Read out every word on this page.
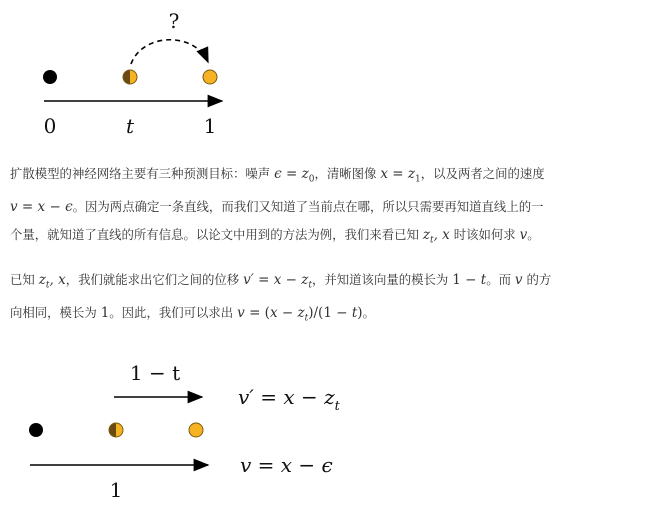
?
0	t	1
扩散模型的神经网络主要有三种预测目标：噪声 $\epsilon = z_0$，清晰图像 $x = z_1$，以及两者之间的速度
v = x − ϵ。因为两点确定一条直线，而我们又知道了当前点在哪，所以只需要再知道直线上的一
个量，就知道了直线的所有信息。以论文中用到的方法为例，我们来看已知 $z_t$, x 时该如何求 v。
已知 $z_t$, x，我们就能求出它们之间的位移 $v' = x - z_t$，并知道该向量的模长为 1 − t。而 v 的方
向相同，模长为 1。因此，我们可以求出 $v = (x - z_t)/(1 - t)$。
1 − t
$v' = x - z_t$
v = x − ϵ
1
